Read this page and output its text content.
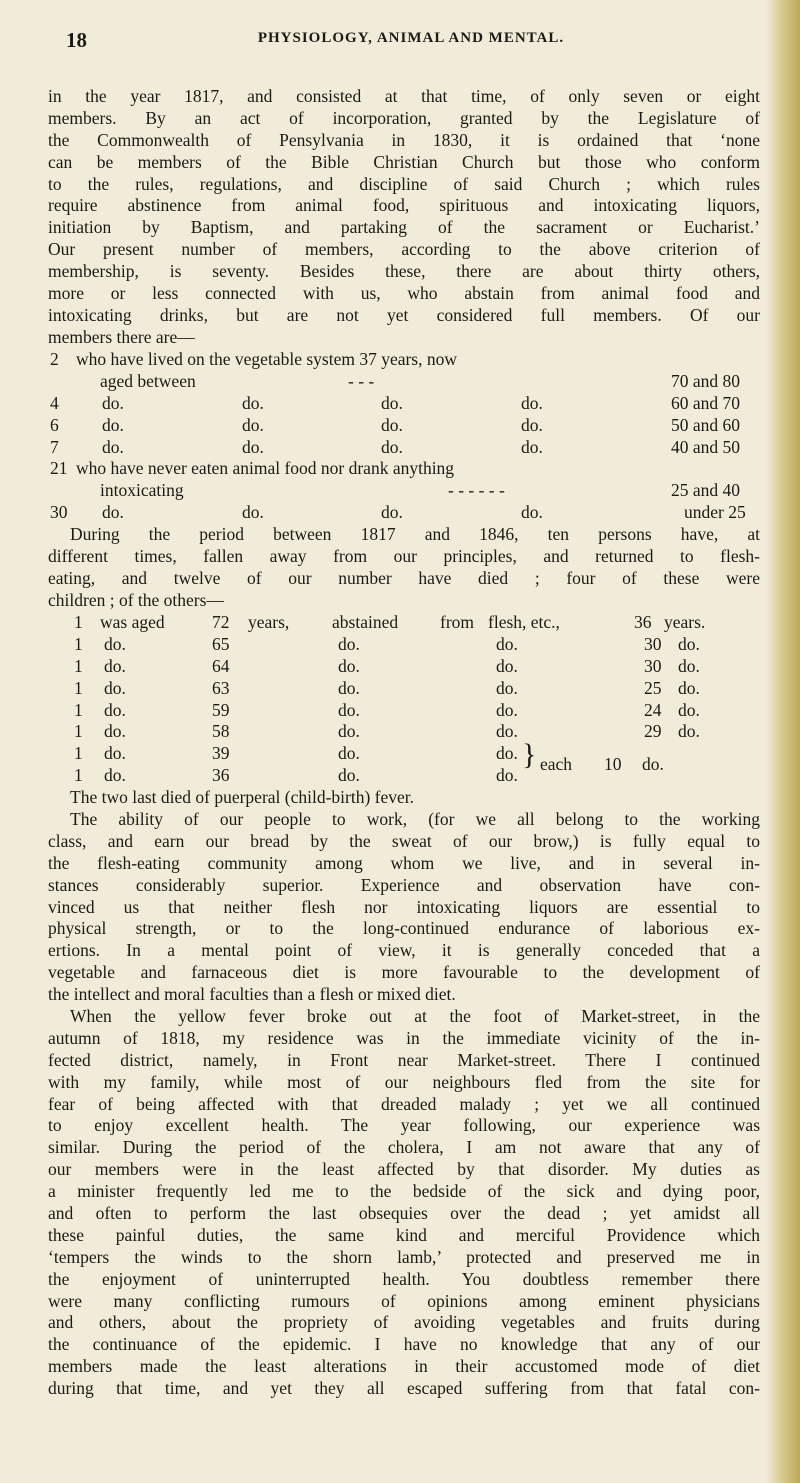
18	PHYSIOLOGY, ANIMAL AND MENTAL.
in the year 1817, and consisted at that time, of only seven or eight
members. By an act of incorporation, granted by the Legislature of
the Commonwealth of Pensylvania in 1830, it is ordained that ‘none
can be members of the Bible Christian Church but those who conform
to the rules, regulations, and discipline of said Church ; which rules
require abstinence from animal food, spirituous and intoxicating liquors,
initiation by Baptism, and partaking of the sacrament or Eucharist.’
Our present number of members, according to the above criterion of
membership, is seventy. Besides these, there are about thirty others,
more or less connected with us, who abstain from animal food and
intoxicating drinks, but are not yet considered full members. Of our
members there are—
2 who have lived on the vegetable system 37 years, now
aged between	- - -	70 and 80
4 do.	do.	do.	do.	60 and 70
6 do.	do.	do.	do.	50 and 60
7 do.	do.	do.	do.	40 and 50
21 who have never eaten animal food nor drank anything
intoxicating	- - - - - -	25 and 40
30 do.	do.	do.	do.	under 25
During the period between 1817 and 1846, ten persons have, at
different times, fallen away from our principles, and returned to flesh-
eating, and twelve of our number have died ; four of these were
children ; of the others—
1 was aged	72 years, abstained from flesh, etc.,	36 years.
1 do.	65	do.	do.	30 do.
1 do.	64	do.	do.	30 do.
1 do.	63	do.	do.	25 do.
1 do.	59	do.	do.	24 do.
1 do.	58	do.	do.	29 do.
1 do.	39	do.	do. } each 10 do.
1 do.	36	do.	do.
The two last died of puerperal (child-birth) fever.
The ability of our people to work, (for we all belong to the working
class, and earn our bread by the sweat of our brow,) is fully equal to
the flesh-eating community among whom we live, and in several in-
stances considerably superior. Experience and observation have con-
vinced us that neither flesh nor intoxicating liquors are essential to
physical strength, or to the long-continued endurance of laborious ex-
ertions. In a mental point of view, it is generally conceded that a
vegetable and farnaceous diet is more favourable to the development of
the intellect and moral faculties than a flesh or mixed diet.
When the yellow fever broke out at the foot of Market-street, in the
autumn of 1818, my residence was in the immediate vicinity of the in-
fected district, namely, in Front near Market-street. There I continued
with my family, while most of our neighbours fled from the site for
fear of being affected with that dreaded malady ; yet we all continued
to enjoy excellent health. The year following, our experience was
similar. During the period of the cholera, I am not aware that any of
our members were in the least affected by that disorder. My duties as
a minister frequently led me to the bedside of the sick and dying poor,
and often to perform the last obsequies over the dead ; yet amidst all
these painful duties, the same kind and merciful Providence which
‘tempers the winds to the shorn lamb,’ protected and preserved me in
the enjoyment of uninterrupted health. You doubtless remember there
were many conflicting rumours of opinions among eminent physicians
and others, about the propriety of avoiding vegetables and fruits during
the continuance of the epidemic. I have no knowledge that any of our
members made the least alterations in their accustomed mode of diet
during that time, and yet they all escaped suffering from that fatal con-
